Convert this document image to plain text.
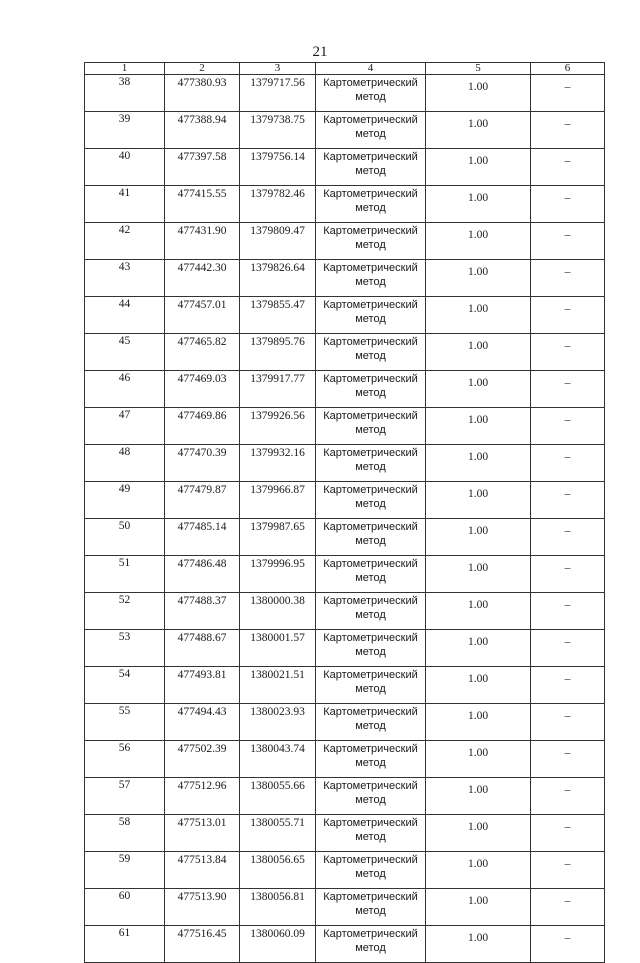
21
1	2	3	4	5	6
38	477380.93	1379717.56	Картометрический метод	1.00	–
39	477388.94	1379738.75	Картометрический метод	1.00	–
40	477397.58	1379756.14	Картометрический метод	1.00	–
41	477415.55	1379782.46	Картометрический метод	1.00	–
42	477431.90	1379809.47	Картометрический метод	1.00	–
43	477442.30	1379826.64	Картометрический метод	1.00	–
44	477457.01	1379855.47	Картометрический метод	1.00	–
45	477465.82	1379895.76	Картометрический метод	1.00	–
46	477469.03	1379917.77	Картометрический метод	1.00	–
47	477469.86	1379926.56	Картометрический метод	1.00	–
48	477470.39	1379932.16	Картометрический метод	1.00	–
49	477479.87	1379966.87	Картометрический метод	1.00	–
50	477485.14	1379987.65	Картометрический метод	1.00	–
51	477486.48	1379996.95	Картометрический метод	1.00	–
52	477488.37	1380000.38	Картометрический метод	1.00	–
53	477488.67	1380001.57	Картометрический метод	1.00	–
54	477493.81	1380021.51	Картометрический метод	1.00	–
55	477494.43	1380023.93	Картометрический метод	1.00	–
56	477502.39	1380043.74	Картометрический метод	1.00	–
57	477512.96	1380055.66	Картометрический метод	1.00	–
58	477513.01	1380055.71	Картометрический метод	1.00	–
59	477513.84	1380056.65	Картометрический метод	1.00	–
60	477513.90	1380056.81	Картометрический метод	1.00	–
61	477516.45	1380060.09	Картометрический метод	1.00	–
